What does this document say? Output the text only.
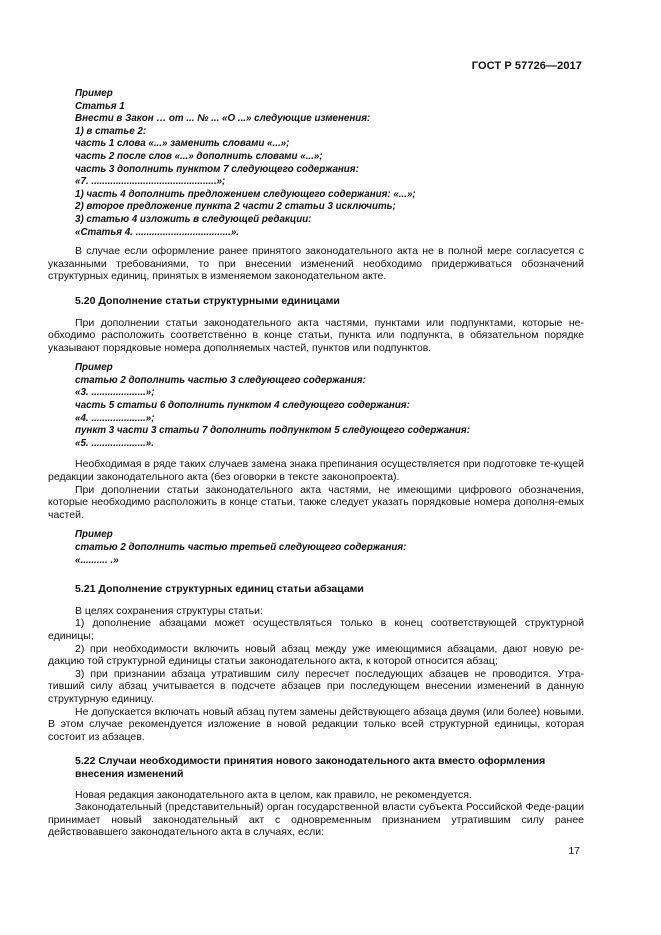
ГОСТ Р 57726—2017
Пример
Статья 1
Внести в Закон … от ... № ... «О ...» следующие изменения:
1) в статье 2:
часть 1 слова «...» заменить словами «...»;
часть 2 после слов «...» дополнить словами «...»;
часть 3 дополнить пунктом 7 следующего содержания:
«7. ..............................................»;
1) часть 4 дополнить предложением следующего содержания: «...»;
2) второе предложение пункта 2 части 2 статьи 3 исключить;
3) статью 4 изложить в следующей редакции:
«Статья 4. ...................................».

В случае если оформление ранее принятого законодательного акта не в полной мере согласуется с указанными требованиями, то при внесении изменений необходимо придерживаться обозначений структурных единиц, принятых в изменяемом законодательном акте.

5.20 Дополнение статьи структурными единицами

При дополнении статьи законодательного акта частями, пунктами или подпунктами, которые не-обходимо расположить соответственно в конце статьи, пункта или подпункта, в обязательном порядке указывают порядковые номера дополняемых частей, пунктов или подпунктов.

Пример
статью 2 дополнить частью 3 следующего содержания:
«3. ....................»;
часть 5 статьи 6 дополнить пунктом 4 следующего содержания:
«4. ....................»;
пункт 3 части 3 статьи 7 дополнить подпунктом 5 следующего содержания:
«5. ....................».

Необходимая в ряде таких случаев замена знака препинания осуществляется при подготовке те-кущей редакции законодательного акта (без оговорки в тексте законопроекта).

При дополнении статьи законодательного акта частями, не имеющими цифрового обозначения, которые необходимо расположить в конце статьи, также следует указать порядковые номера дополня-емых частей.

Пример
статью 2 дополнить частью третьей следующего содержания:
«.......... .»
5.21 Дополнение структурных единиц статьи абзацами

В целях сохранения структуры статьи:

1) дополнение абзацами может осуществляться только в конец соответствующей структурной единицы;

2) при необходимости включить новый абзац между уже имеющимися абзацами, дают новую ре-дакцию той структурной единицы статьи законодательного акта, к которой относится абзац;

3) при признании абзаца утратившим силу пересчет последующих абзацев не проводится. Утра-тивший силу абзац учитывается в подсчете абзацев при последующем внесении изменений в данную структурную единицу.

Не допускается включать новый абзац путем замены действующего абзаца двумя (или более) новыми. В этом случае рекомендуется изложение в новой редакции только всей структурной единицы, которая состоит из абзацев.

5.22 Случаи необходимости принятия нового законодательного акта вместо оформления внесения изменений

Новая редакция законодательного акта в целом, как правило, не рекомендуется.

Законодательный (представительный) орган государственной власти субъекта Российской Феде-рации принимает новый законодательный акт с одновременным признанием утратившим силу ранее действовавшего законодательного акта в случаях, если:

17
